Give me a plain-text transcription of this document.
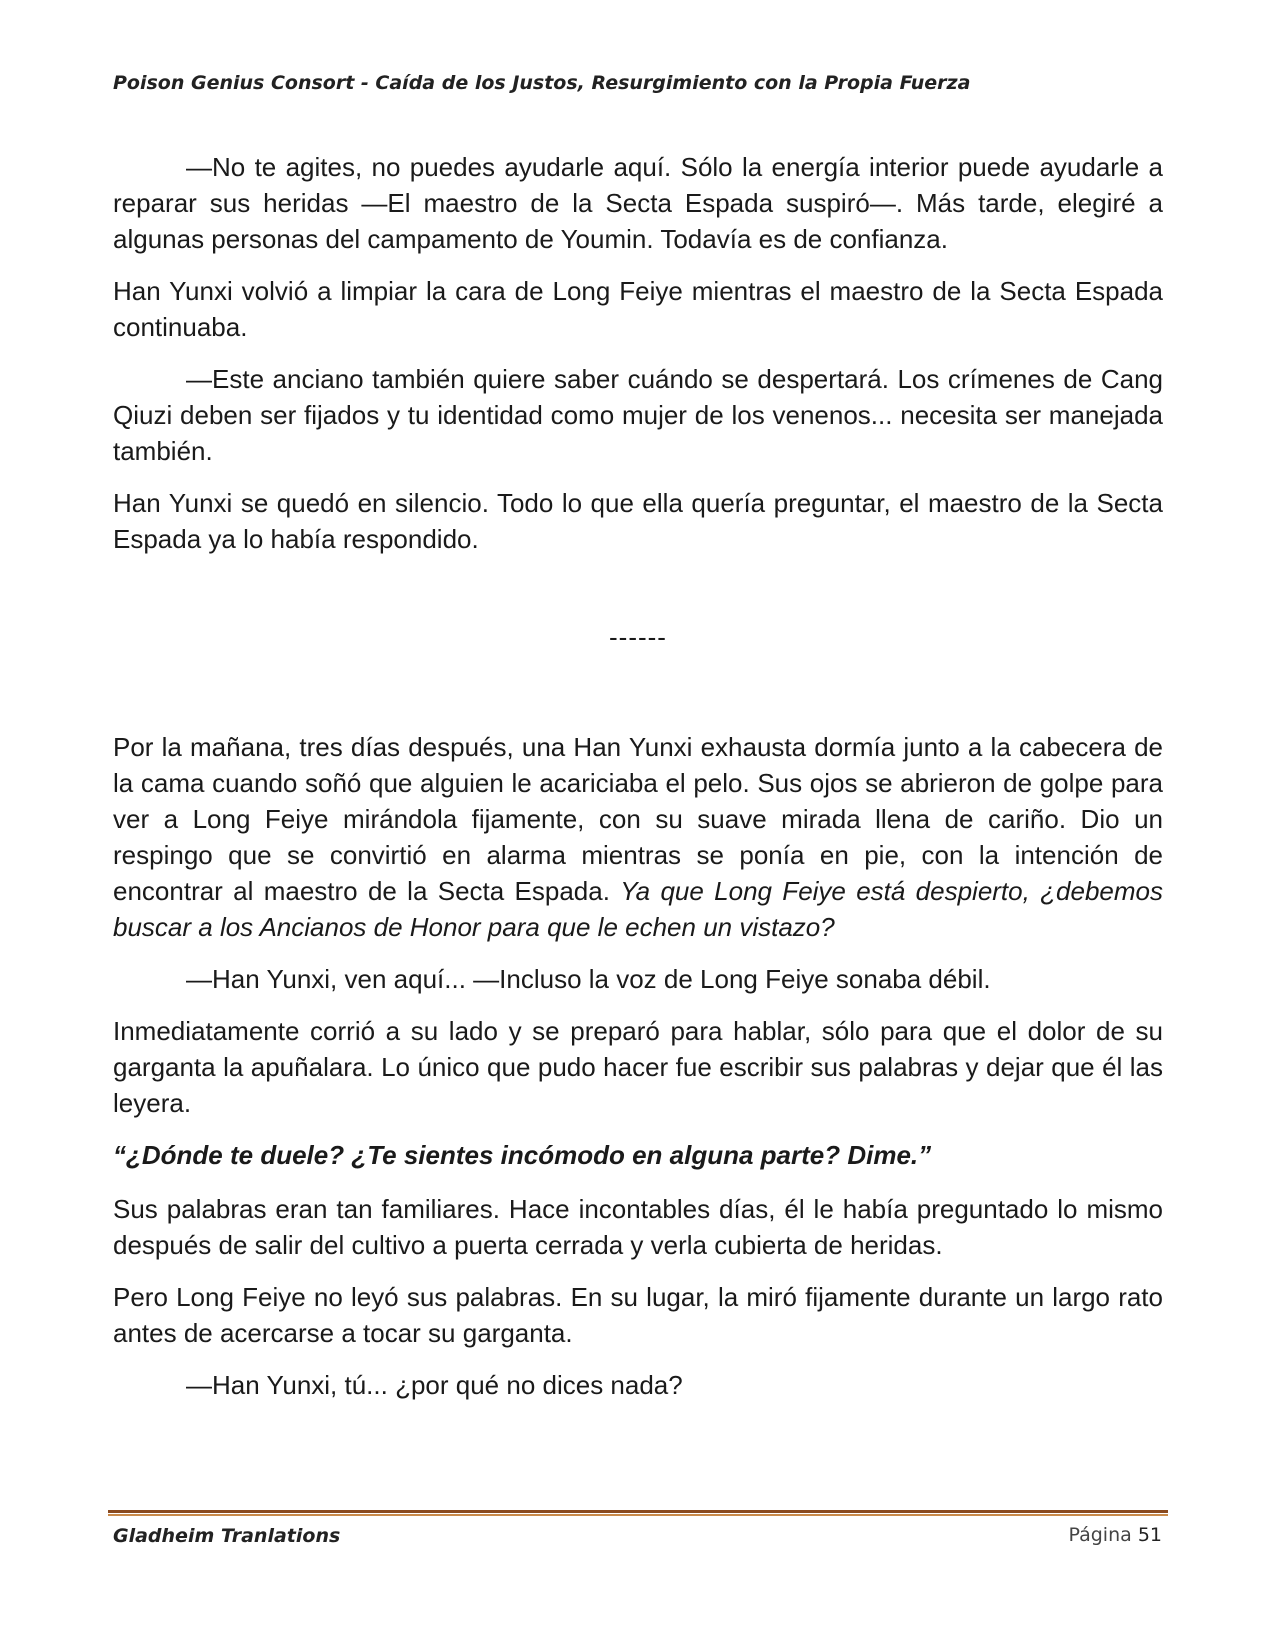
Poison Genius Consort - Caída de los Justos, Resurgimiento con la Propia Fuerza

—No te agites, no puedes ayudarle aquí. Sólo la energía interior puede ayudarle a reparar sus heridas —El maestro de la Secta Espada suspiró—. Más tarde, elegiré a algunas personas del campamento de Youmin. Todavía es de confianza.

Han Yunxi volvió a limpiar la cara de Long Feiye mientras el maestro de la Secta Espada continuaba.

—Este anciano también quiere saber cuándo se despertará. Los crímenes de Cang Qiuzi deben ser fijados y tu identidad como mujer de los venenos... necesita ser manejada también.

Han Yunxi se quedó en silencio. Todo lo que ella quería preguntar, el maestro de la Secta Espada ya lo había respondido.

------

Por la mañana, tres días después, una Han Yunxi exhausta dormía junto a la cabecera de la cama cuando soñó que alguien le acariciaba el pelo. Sus ojos se abrieron de golpe para ver a Long Feiye mirándola fijamente, con su suave mirada llena de cariño. Dio un respingo que se convirtió en alarma mientras se ponía en pie, con la intención de encontrar al maestro de la Secta Espada. Ya que Long Feiye está despierto, ¿debemos buscar a los Ancianos de Honor para que le echen un vistazo?

—Han Yunxi, ven aquí... —Incluso la voz de Long Feiye sonaba débil.

Inmediatamente corrió a su lado y se preparó para hablar, sólo para que el dolor de su garganta la apuñalara. Lo único que pudo hacer fue escribir sus palabras y dejar que él las leyera.

“¿Dónde te duele? ¿Te sientes incómodo en alguna parte? Dime.”

Sus palabras eran tan familiares. Hace incontables días, él le había preguntado lo mismo después de salir del cultivo a puerta cerrada y verla cubierta de heridas.

Pero Long Feiye no leyó sus palabras. En su lugar, la miró fijamente durante un largo rato antes de acercarse a tocar su garganta.

—Han Yunxi, tú... ¿por qué no dices nada?

Gladheim Tranlations	Página 51
